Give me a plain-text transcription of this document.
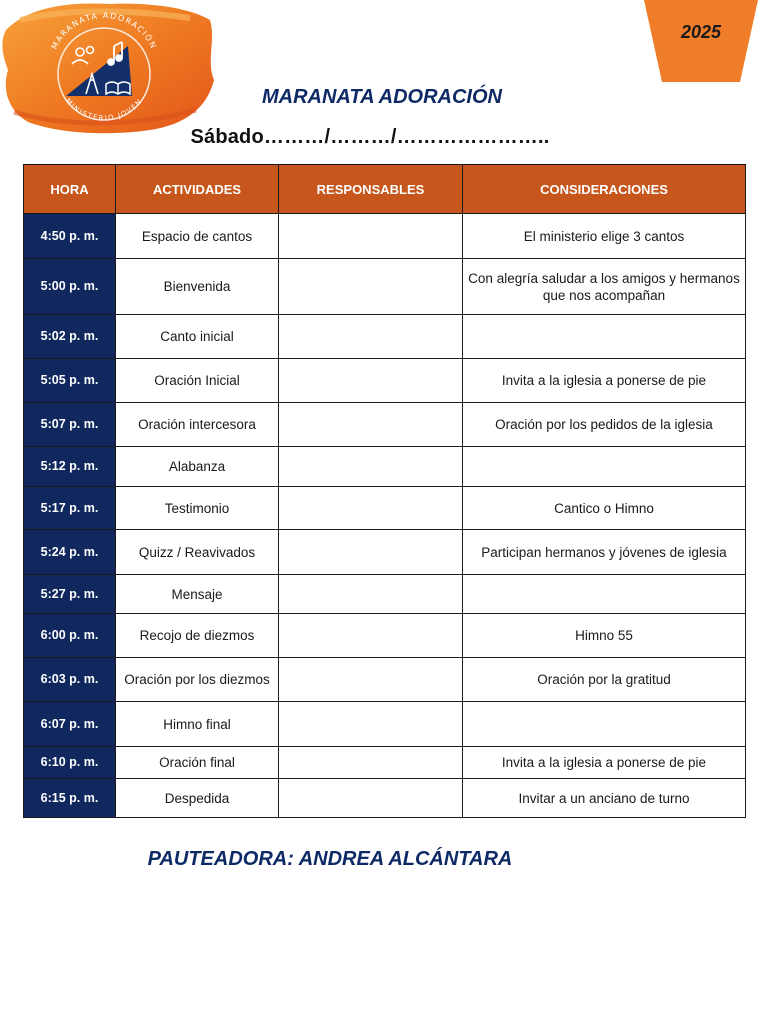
MARANATA ADORACIÓN
MINISTERIO JOVEN
2025
MARANATA ADORACIÓN
Sábado………/………/…………………..
HORA	ACTIVIDADES	RESPONSABLES	CONSIDERACIONES
4:50 p. m.	Espacio de cantos		El ministerio elige 3 cantos
5:00 p. m.	Bienvenida		Con alegría saludar a los amigos y hermanos que nos acompañan
5:02 p. m.	Canto inicial		
5:05 p. m.	Oración Inicial		Invita a la iglesia a ponerse de pie
5:07 p. m.	Oración intercesora		Oración por los pedidos de la iglesia
5:12 p. m.	Alabanza		
5:17 p. m.	Testimonio		Cantico o Himno
5:24 p. m.	Quizz / Reavivados		Participan hermanos y jóvenes de iglesia
5:27 p. m.	Mensaje		
6:00 p. m.	Recojo de diezmos		Himno 55
6:03 p. m.	Oración por los diezmos		Oración por la gratitud
6:07 p. m.	Himno final		
6:10 p. m.	Oración final		Invita a la iglesia a ponerse de pie
6:15 p. m.	Despedida		Invitar a un anciano de turno
PAUTEADORA: ANDREA ALCÁNTARA
